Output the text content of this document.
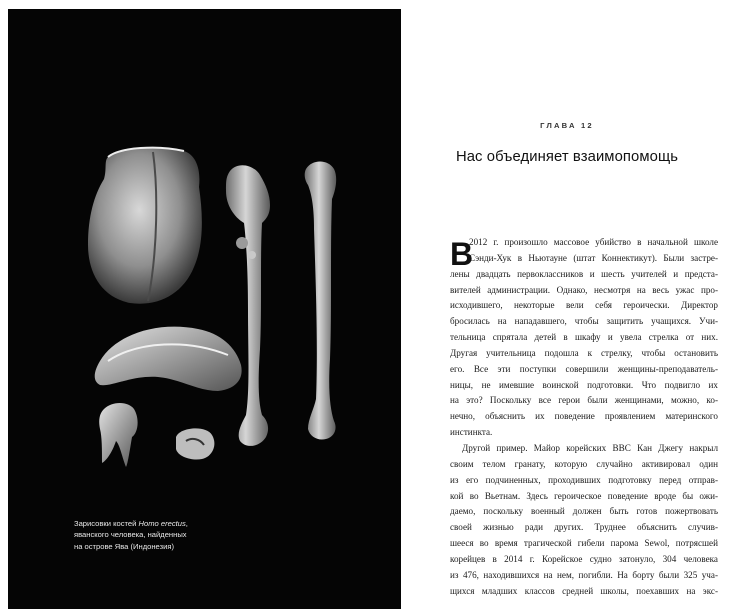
Зарисовки костей Homo erectus,
яванского человека, найденных
на острове Ява (Индонезия)
ГЛАВА 12
Нас объединяет взаимопомощь
В
2012 г. произошло массовое убийство в начальной школе
Сэнди-Хук в Ньютауне (штат Коннектикут). Были застре-
лены двадцать первоклассников и шесть учителей и предста-
вителей администрации. Однако, несмотря на весь ужас про-
исходившего, некоторые вели себя героически. Директор
бросилась на нападавшего, чтобы защитить учащихся. Учи-
тельница спрятала детей в шкафу и увела стрелка от них.
Другая учительница подошла к стрелку, чтобы остановить
его. Все эти поступки совершили женщины-преподаватель-
ницы, не имевшие воинской подготовки. Что подвигло их
на это? Поскольку все герои были женщинами, можно, ко-
нечно, объяснить их поведение проявлением материнского
инстинкта.
Другой пример. Майор корейских ВВС Кан Джегу накрыл
своим телом гранату, которую случайно активировал один
из его подчиненных, проходивших подготовку перед отправ-
кой во Вьетнам. Здесь героическое поведение вроде бы ожи-
даемо, поскольку военный должен быть готов пожертвовать
своей жизнью ради других. Труднее объяснить случив-
шееся во время трагической гибели парома Sewol, потрясшей
корейцев в 2014 г. Корейское судно затонуло, 304 человека
из 476, находившихся на нем, погибли. На борту были 325 уча-
щихся младших классов средней школы, поехавших на экс-
